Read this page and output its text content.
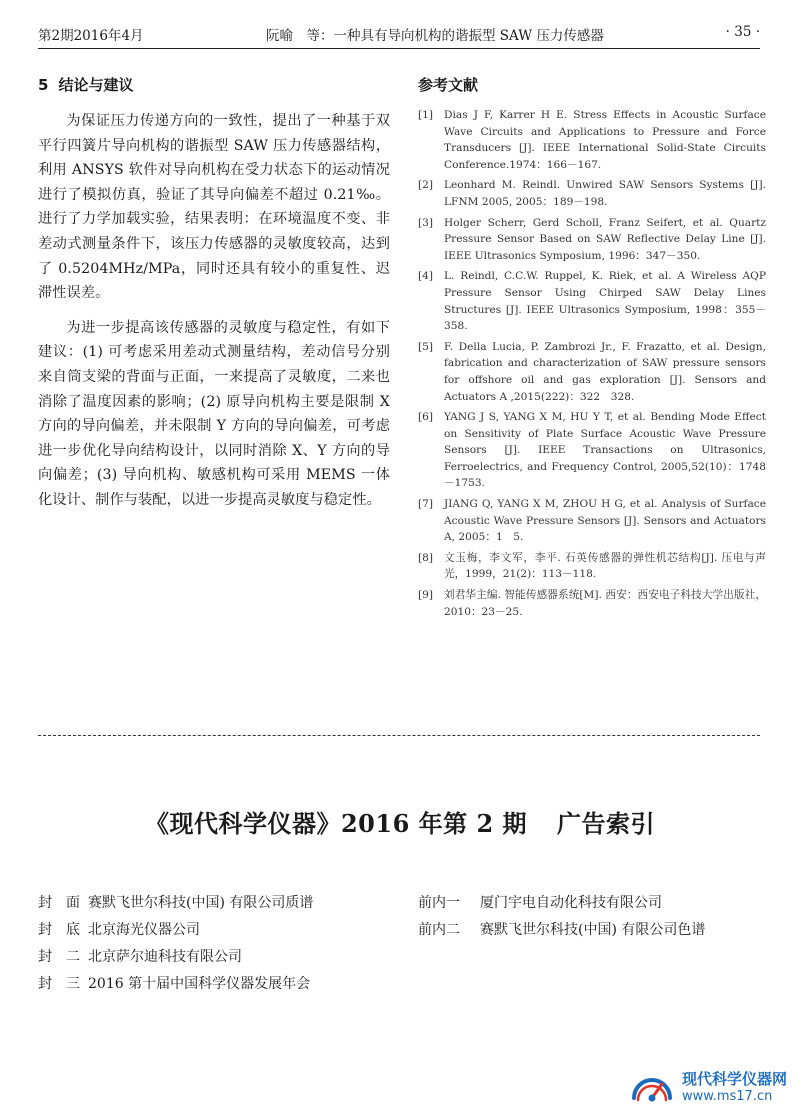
第2期2016年4月	阮喻　等：一种具有导向机构的谐振型 SAW 压力传感器	· 35 ·
5 结论与建议

为保证压力传递方向的一致性，提出了一种基于双平行四簧片导向机构的谐振型 SAW 压力传感器结构，利用 ANSYS 软件对导向机构在受力状态下的运动情况进行了模拟仿真，验证了其导向偏差不超过 0.21‰。进行了力学加载实验，结果表明：在环境温度不变、非差动式测量条件下，该压力传感器的灵敏度较高，达到了 0.5204MHz/MPa，同时还具有较小的重复性、迟滞性误差。

为进一步提高该传感器的灵敏度与稳定性，有如下建议：(1) 可考虑采用差动式测量结构，差动信号分别来自筒支梁的背面与正面，一来提高了灵敏度，二来也消除了温度因素的影响；(2) 原导向机构主要是限制 X 方向的导向偏差，并未限制 Y 方向的导向偏差，可考虑进一步优化导向结构设计，以同时消除 X、Y 方向的导向偏差；(3) 导向机构、敏感机构可采用 MEMS 一体化设计、制作与装配，以进一步提高灵敏度与稳定性。

参考文献
[1]	Dias J F, Karrer H E. Stress Effects in Acoustic Surface Wave Circuits and Applications to Pressure and Force Transducers [J]. IEEE International Solid-State Circuits Conference.1974：166－167.
[2]	Leonhard M. Reindl. Unwired SAW Sensors Systems [J]. LFNM 2005, 2005：189－198.
[3]	Holger Scherr, Gerd Scholl, Franz Seifert, et al. Quartz Pressure Sensor Based on SAW Reflective Delay Line [J]. IEEE Ultrasonics Symposium, 1996：347－350.
[4]	L. Reindl, C.C.W. Ruppel, K. Riek, et al. A Wireless AQP Pressure Sensor Using Chirped SAW Delay Lines Structures [J]. IEEE Ultrasonics Symposium, 1998：355－358.
[5]	F. Della Lucia, P. Zambrozi Jr., F. Frazatto, et al. Design, fabrication and characterization of SAW pressure sensors for offshore oil and gas exploration [J]. Sensors and Actuators A ,2015(222)：322　328.
[6]	YANG J S, YANG X M, HU Y T, et al. Bending Mode Effect on Sensitivity of Plate Surface Acoustic Wave Pressure Sensors [J]. IEEE Transactions on Ultrasonics, Ferroelectrics, and Frequency Control, 2005,52(10)：1748－1753.
[7]	JIANG Q, YANG X M, ZHOU H G, et al. Analysis of Surface Acoustic Wave Pressure Sensors [J]. Sensors and Actuators A, 2005：1　5.
[8]	文玉梅，李文军，李平. 石英传感器的弹性机芯结构[J]. 压电与声光，1999，21(2)：113－118.
[9]	刘君华主编. 智能传感器系统[M]. 西安：西安电子科技大学出版社，2010：23－25.
《现代科学仪器》2016 年第 2 期 广告索引
封　面 赛默飞世尔科技(中国) 有限公司质谱
封　底 北京海光仪器公司
封　二 北京萨尔迪科技有限公司
封　三 2016 第十届中国科学仪器发展年会
前内一	厦门宇电自动化科技有限公司
前内二	赛默飞世尔科技(中国) 有限公司色谱
现代科学仪器网
www.ms17.cn
